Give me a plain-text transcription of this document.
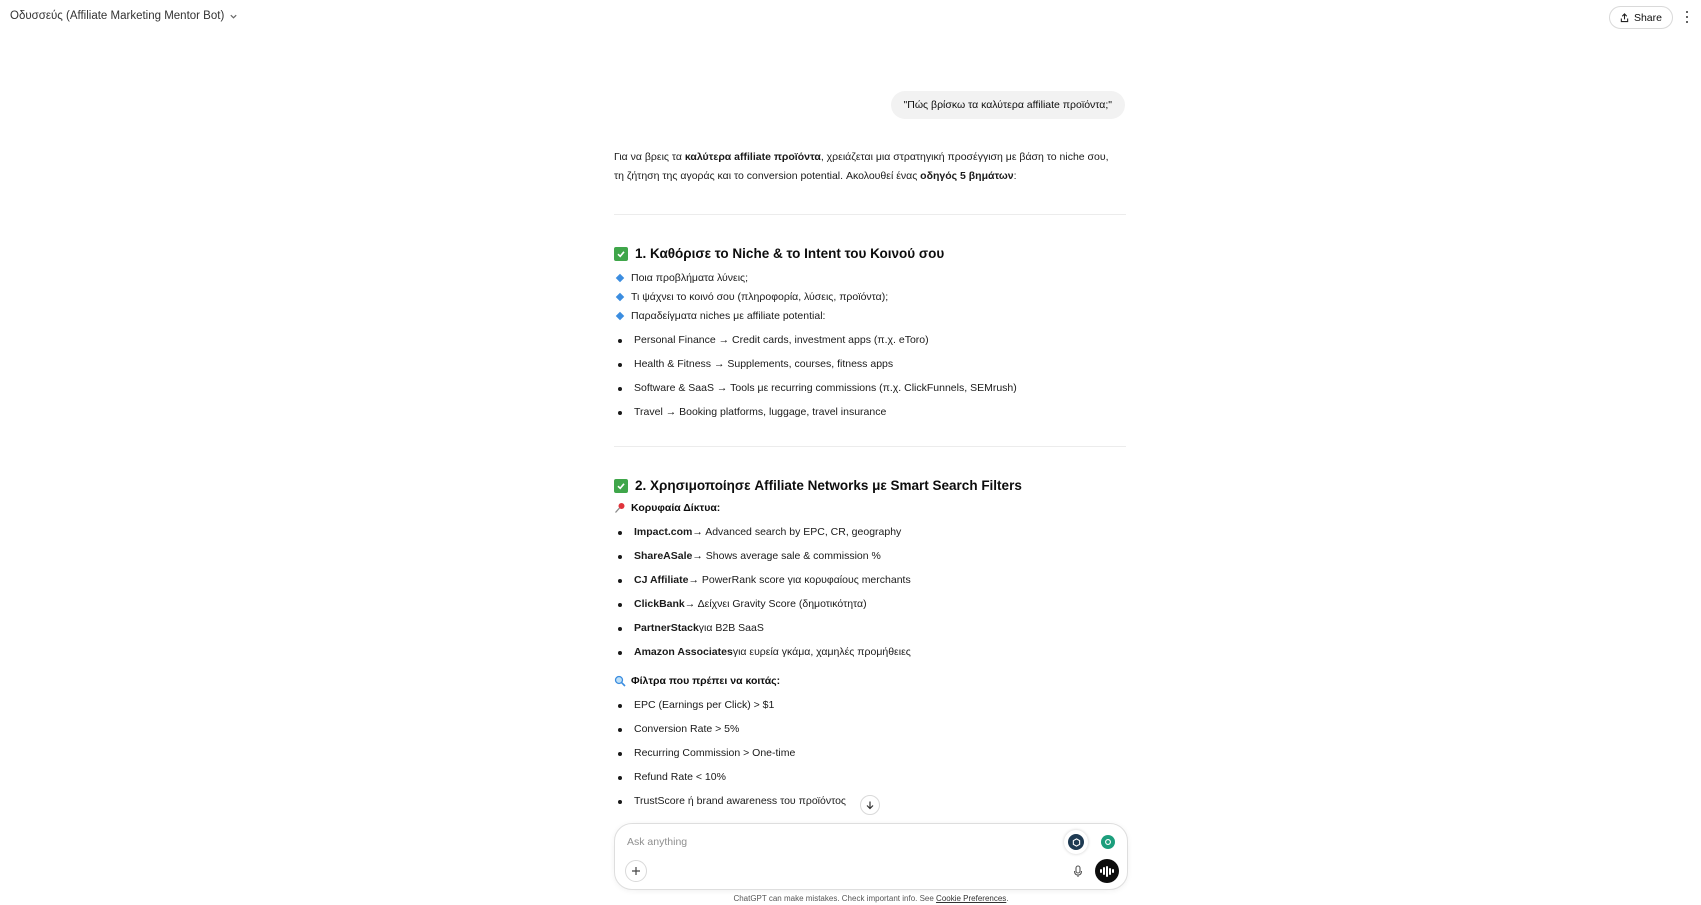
Οδυσσεύς (Affiliate Marketing Mentor Bot)	Share
"Πώς βρίσκω τα καλύτερα affiliate προϊόντα;"
Για να βρεις τα καλύτερα affiliate προϊόντα, χρειάζεται μια στρατηγική προσέγγιση με βάση το niche σου,
τη ζήτηση της αγοράς και το conversion potential. Ακολουθεί ένας οδηγός 5 βημάτων:
1. Καθόρισε το Niche & το Intent του Κοινού σου
Ποια προβλήματα λύνεις;
Τι ψάχνει το κοινό σου (πληροφορία, λύσεις, προϊόντα);
Παραδείγματα niches με affiliate potential:
Personal Finance → Credit cards, investment apps (π.χ. eToro)
Health & Fitness → Supplements, courses, fitness apps
Software & SaaS → Tools με recurring commissions (π.χ. ClickFunnels, SEMrush)
Travel → Booking platforms, luggage, travel insurance
2. Χρησιμοποίησε Affiliate Networks με Smart Search Filters
Κορυφαία Δίκτυα:
Impact.com → Advanced search by EPC, CR, geography
ShareASale → Shows average sale & commission %
CJ Affiliate → PowerRank score για κορυφαίους merchants
ClickBank → Δείχνει Gravity Score (δημοτικότητα)
PartnerStack για B2B SaaS
Amazon Associates για ευρεία γκάμα, χαμηλές προμήθειες
Φίλτρα που πρέπει να κοιτάς:
EPC (Earnings per Click) > $1
Conversion Rate > 5%
Recurring Commission > One-time
Refund Rate < 10%
TrustScore ή brand awareness του προϊόντος
Ask anything
ChatGPT can make mistakes. Check important info. See Cookie Preferences.
